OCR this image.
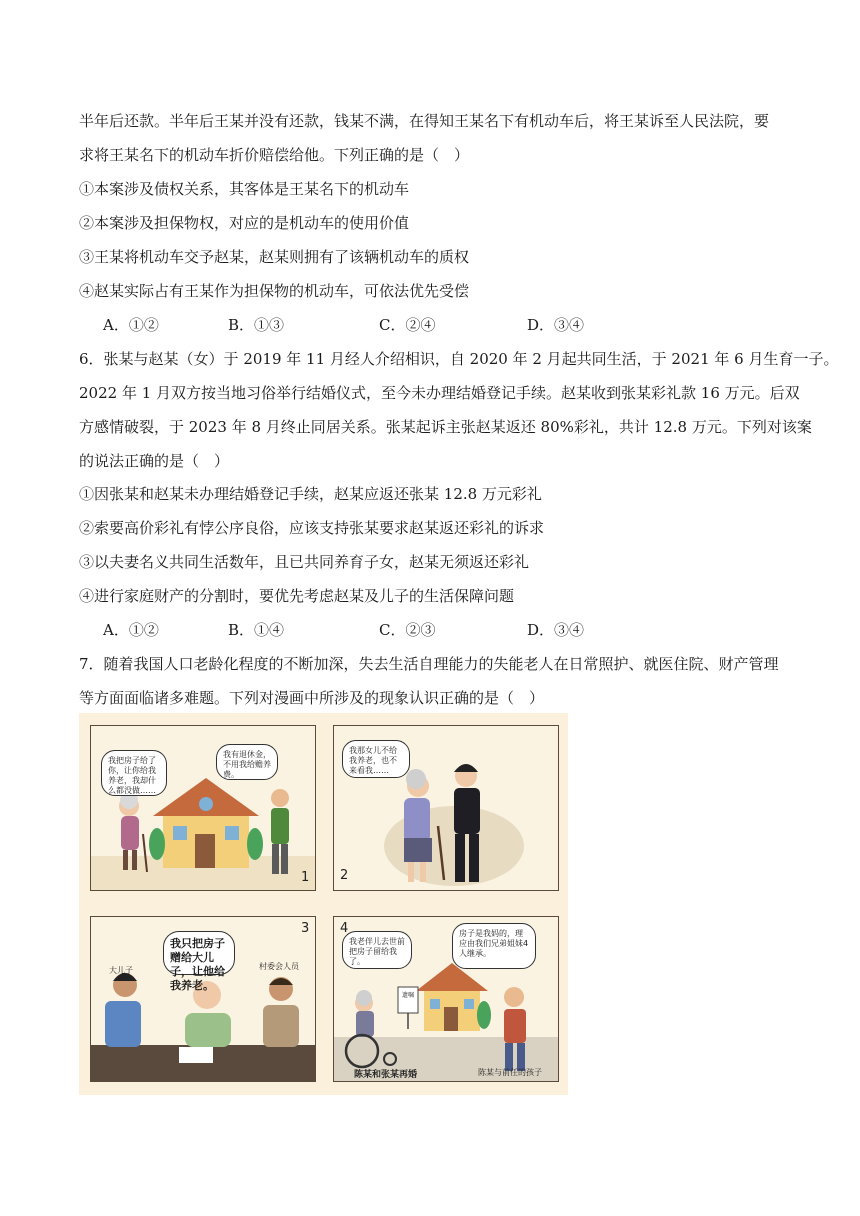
半年后还款。半年后王某并没有还款，钱某不满，在得知王某名下有机动车后，将王某诉至人民法院，要
求将王某名下的机动车折价赔偿给他。下列正确的是（　）
①本案涉及债权关系，其客体是王某名下的机动车
②本案涉及担保物权，对应的是机动车的使用价值
③王某将机动车交予赵某，赵某则拥有了该辆机动车的质权
④赵某实际占有王某作为担保物的机动车，可依法优先受偿
A．①②	B．①③	C．②④	D．③④
6．张某与赵某（女）于 2019 年 11 月经人介绍相识，自 2020 年 2 月起共同生活，于 2021 年 6 月生育一子。
2022 年 1 月双方按当地习俗举行结婚仪式，至今未办理结婚登记手续。赵某收到张某彩礼款 16 万元。后双
方感情破裂，于 2023 年 8 月终止同居关系。张某起诉主张赵某返还 80%彩礼，共计 12.8 万元。下列对该案
的说法正确的是（　）
①因张某和赵某未办理结婚登记手续，赵某应返还张某 12.8 万元彩礼
②索要高价彩礼有悖公序良俗，应该支持张某要求赵某返还彩礼的诉求
③以夫妻名义共同生活数年，且已共同养育子女，赵某无须返还彩礼
④进行家庭财产的分割时，要优先考虑赵某及儿子的生活保障问题
A．①②	B．①④	C．②③	D．③④
7．随着我国人口老龄化程度的不断加深，失去生活自理能力的失能老人在日常照护、就医住院、财产管理
等方面面临诸多难题。下列对漫画中所涉及的现象认识正确的是（　）
我把房子给了你，让你给我养老，我却什么都没做……
我有退休金，不用我给赡养费。
1
我那女儿不给我养老，也不来看我……
2
我只把房子赠给大儿子，让他给我养老。
大儿子	村委会人员
3
我老伴儿去世前把房子留给我了。
房子是我妈的，理应由我们兄弟姐妹4人继承。
遗嘱
陈某和张某再婚	陈某与前任的孩子
4
